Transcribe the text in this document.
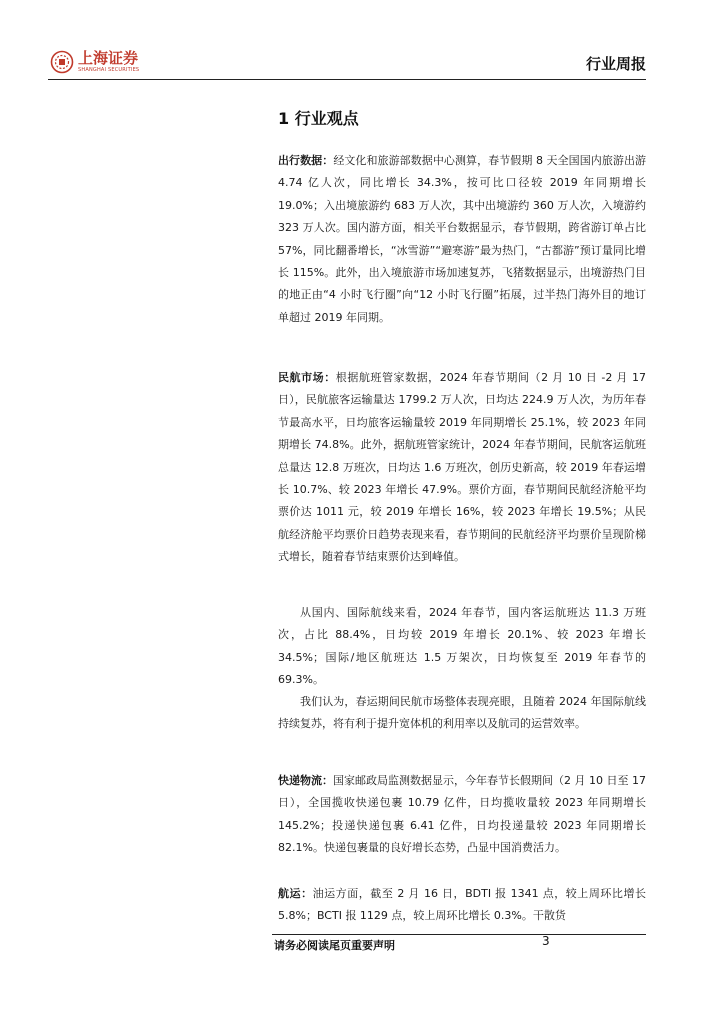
上海证券
SHANGHAI SECURITIES	行业周报
1 行业观点

出行数据：经文化和旅游部数据中心测算，春节假期 8 天全国国内旅游出游 4.74 亿人次，同比增长 34.3%，按可比口径较 2019 年同期增长 19.0%；入出境旅游约 683 万人次，其中出境游约 360 万人次，入境游约 323 万人次。国内游方面，相关平台数据显示，春节假期，跨省游订单占比 57%，同比翻番增长，“冰雪游”“避寒游”最为热门，“古都游”预订量同比增长 115%。此外，出入境旅游市场加速复苏，飞猪数据显示，出境游热门目的地正由“4 小时飞行圈”向“12 小时飞行圈”拓展，过半热门海外目的地订单超过 2019 年同期。

民航市场：根据航班管家数据，2024 年春节期间（2 月 10 日 -2 月 17 日），民航旅客运输量达 1799.2 万人次，日均达 224.9 万人次，为历年春节最高水平，日均旅客运输量较 2019 年同期增长 25.1%，较 2023 年同期增长 74.8%。此外，据航班管家统计，2024 年春节期间，民航客运航班总量达 12.8 万班次，日均达 1.6 万班次，创历史新高，较 2019 年春运增长 10.7%、较 2023 年增长 47.9%。票价方面，春节期间民航经济舱平均票价达 1011 元，较 2019 年增长 16%，较 2023 年增长 19.5%；从民航经济舱平均票价日趋势表现来看，春节期间的民航经济平均票价呈现阶梯式增长，随着春节结束票价达到峰值。

从国内、国际航线来看，2024 年春节，国内客运航班达 11.3 万班次，占比 88.4%，日均较 2019 年增长 20.1%、较 2023 年增长 34.5%；国际/地区航班达 1.5 万架次，日均恢复至 2019 年春节的 69.3%。

我们认为，春运期间民航市场整体表现亮眼，且随着 2024 年国际航线持续复苏，将有利于提升宽体机的利用率以及航司的运营效率。

快递物流：国家邮政局监测数据显示，今年春节长假期间（2 月 10 日至 17 日），全国揽收快递包裹 10.79 亿件，日均揽收量较 2023 年同期增长 145.2%；投递快递包裹 6.41 亿件，日均投递量较 2023 年同期增长 82.1%。快递包裹量的良好增长态势，凸显中国消费活力。

航运：油运方面，截至 2 月 16 日，BDTI 报 1341 点，较上周环比增长 5.8%；BCTI 报 1129 点，较上周环比增长 0.3%。干散货

请务必阅读尾页重要声明	3
